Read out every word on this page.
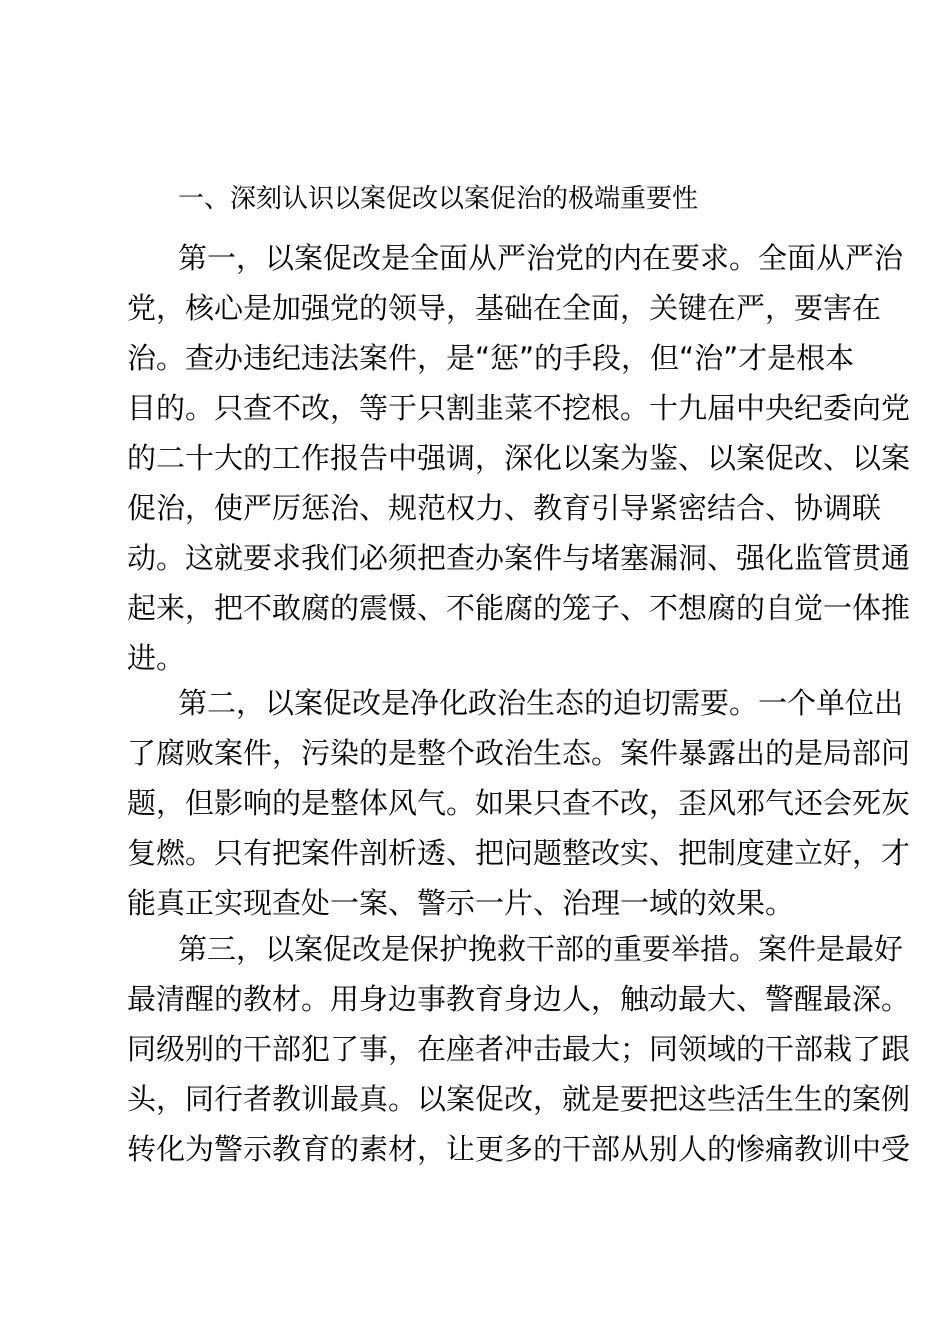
一、深刻认识以案促改以案促治的极端重要性
第一，以案促改是全面从严治党的内在要求。全面从严治
党，核心是加强党的领导，基础在全面，关键在严，要害在
治。查办违纪违法案件，是“惩”的手段，但“治”才是根本
目的。只查不改，等于只割韭菜不挖根。十九届中央纪委向党
的二十大的工作报告中强调，深化以案为鉴、以案促改、以案
促治，使严厉惩治、规范权力、教育引导紧密结合、协调联
动。这就要求我们必须把查办案件与堵塞漏洞、强化监管贯通
起来，把不敢腐的震慑、不能腐的笼子、不想腐的自觉一体推
进。
第二，以案促改是净化政治生态的迫切需要。一个单位出
了腐败案件，污染的是整个政治生态。案件暴露出的是局部问
题，但影响的是整体风气。如果只查不改，歪风邪气还会死灰
复燃。只有把案件剖析透、把问题整改实、把制度建立好，才
能真正实现查处一案、警示一片、治理一域的效果。
第三，以案促改是保护挽救干部的重要举措。案件是最好
最清醒的教材。用身边事教育身边人，触动最大、警醒最深。
同级别的干部犯了事，在座者冲击最大；同领域的干部栽了跟
头，同行者教训最真。以案促改，就是要把这些活生生的案例
转化为警示教育的素材，让更多的干部从别人的惨痛教训中受
